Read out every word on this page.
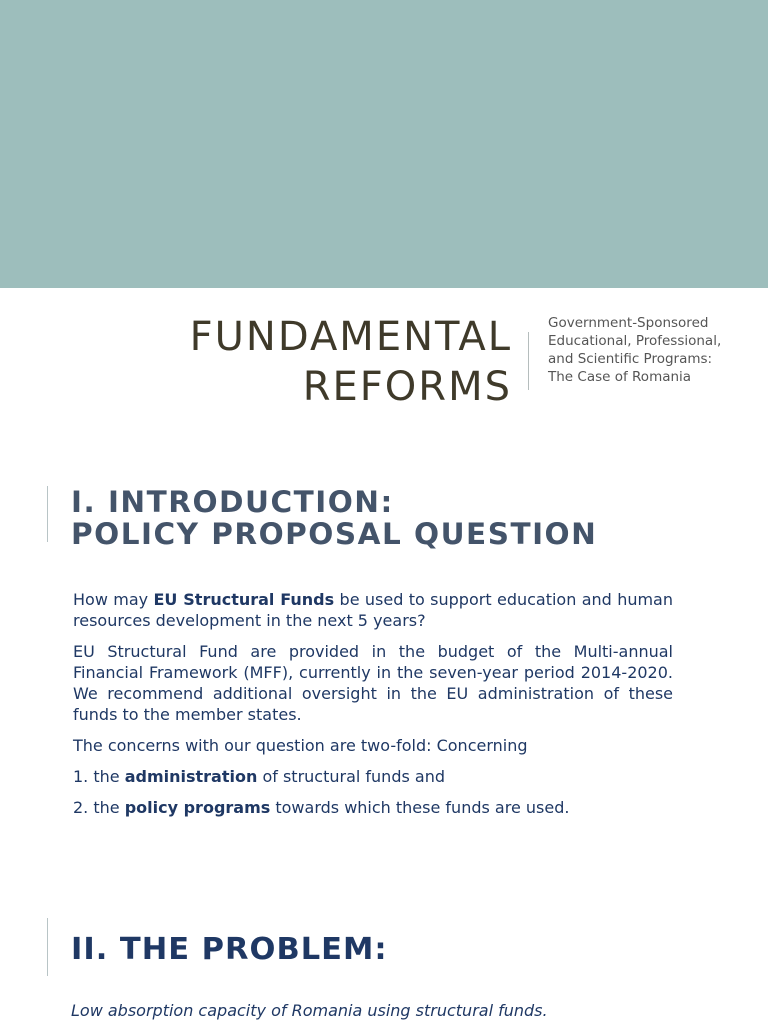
FUNDAMENTAL
REFORMS
Government-Sponsored
Educational, Professional,
and Scientific Programs:
The Case of Romania
I. INTRODUCTION:
POLICY PROPOSAL QUESTION

How may EU Structural Funds be used to support education and human resources development in the next 5 years?

EU Structural Fund are provided in the budget of the Multi-annual Financial Framework (MFF), currently in the seven-year period 2014-2020. We recommend additional oversight in the EU administration of these funds to the member states.

The concerns with our question are two-fold: Concerning

1. the administration of structural funds and

2. the policy programs towards which these funds are used.

II. THE PROBLEM:
Low absorption capacity of Romania using structural funds.
